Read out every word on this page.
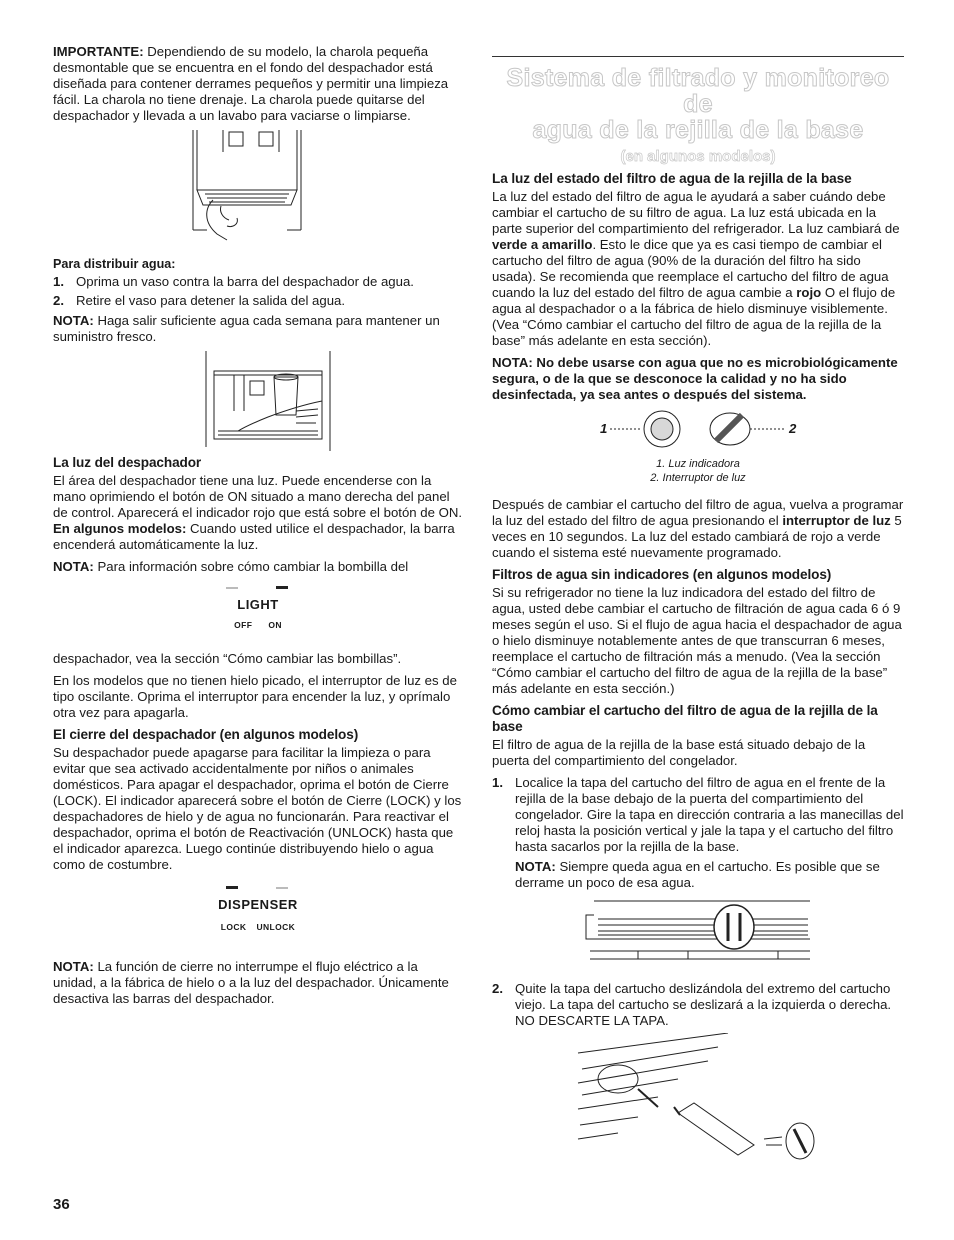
IMPORTANTE: Dependiendo de su modelo, la charola pequeña desmontable que se encuentra en el fondo del despachador está diseñada para contener derrames pequeños y permitir una limpieza fácil. La charola no tiene drenaje. La charola puede quitarse del despachador y llevada a un lavabo para vaciarse o limpiarse.

Para distribuir agua:
1. Oprima un vaso contra la barra del despachador de agua.
2. Retire el vaso para detener la salida del agua.

NOTA: Haga salir suficiente agua cada semana para mantener un suministro fresco.

La luz del despachador

El área del despachador tiene una luz. Puede encenderse con la mano oprimiendo el botón de ON situado a mano derecha del panel de control. Aparecerá el indicador rojo que está sobre el botón de ON. En algunos modelos: Cuando usted utilice el despachador, la barra encenderá automáticamente la luz.

NOTA: Para información sobre cómo cambiar la bombilla del

LIGHT
OFF ON

despachador, vea la sección “Cómo cambiar las bombillas”.

En los modelos que no tienen hielo picado, el interruptor de luz es de tipo oscilante. Oprima el interruptor para encender la luz, y oprímalo otra vez para apagarla.

El cierre del despachador (en algunos modelos)

Su despachador puede apagarse para facilitar la limpieza o para evitar que sea activado accidentalmente por niños o animales domésticos. Para apagar el despachador, oprima el botón de Cierre (LOCK). El indicador aparecerá sobre el botón de Cierre (LOCK) y los despachadores de hielo y de agua no funcionarán. Para reactivar el despachador, oprima el botón de Reactivación (UNLOCK) hasta que el indicador aparezca. Luego continúe distribuyendo hielo o agua como de costumbre.

DISPENSER
LOCK UNLOCK

NOTA: La función de cierre no interrumpe el flujo eléctrico a la unidad, a la fábrica de hielo o a la luz del despachador. Únicamente desactiva las barras del despachador.

Sistema de filtrado y monitoreo de
agua de la rejilla de la base
(en algunos modelos)
La luz del estado del filtro de agua de la rejilla de la base

La luz del estado del filtro de agua le ayudará a saber cuándo debe cambiar el cartucho de su filtro de agua. La luz está ubicada en la parte superior del compartimiento del refrigerador. La luz cambiará de verde a amarillo. Esto le dice que ya es casi tiempo de cambiar el cartucho del filtro de agua (90% de la duración del filtro ha sido usada). Se recomienda que reemplace el cartucho del filtro de agua cuando la luz del estado del filtro de agua cambie a rojo O el flujo de agua al despachador o a la fábrica de hielo disminuye visiblemente. (Vea “Cómo cambiar el cartucho del filtro de agua de la rejilla de la base” más adelante en esta sección).

NOTA: No debe usarse con agua que no es microbiológicamente segura, o de la que se desconoce la calidad y no ha sido desinfectada, ya sea antes o después del sistema.

1	2
1. Luz indicadora
2. Interruptor de luz

Después de cambiar el cartucho del filtro de agua, vuelva a programar la luz del estado del filtro de agua presionando el interruptor de luz 5 veces en 10 segundos. La luz del estado cambiará de rojo a verde cuando el sistema esté nuevamente programado.

Filtros de agua sin indicadores (en algunos modelos)

Si su refrigerador no tiene la luz indicadora del estado del filtro de agua, usted debe cambiar el cartucho de filtración de agua cada 6 ó 9 meses según el uso. Si el flujo de agua hacia el despachador de agua o hielo disminuye notablemente antes de que transcurran 6 meses, reemplace el cartucho de filtración más a menudo. (Vea la sección “Cómo cambiar el cartucho del filtro de agua de la rejilla de la base” más adelante en esta sección.)

Cómo cambiar el cartucho del filtro de agua de la rejilla de la base

El filtro de agua de la rejilla de la base está situado debajo de la puerta del compartimiento del congelador.

1. Localice la tapa del cartucho del filtro de agua en el frente de la rejilla de la base debajo de la puerta del compartimiento del congelador. Gire la tapa en dirección contraria a las manecillas del reloj hasta la posición vertical y jale la tapa y el cartucho del filtro hasta sacarlos por la rejilla de la base.
NOTA: Siempre queda agua en el cartucho. Es posible que se derrame un poco de esa agua.
2. Quite la tapa del cartucho deslizándola del extremo del cartucho viejo. La tapa del cartucho se deslizará a la izquierda o derecha. NO DESCARTE LA TAPA.
36
